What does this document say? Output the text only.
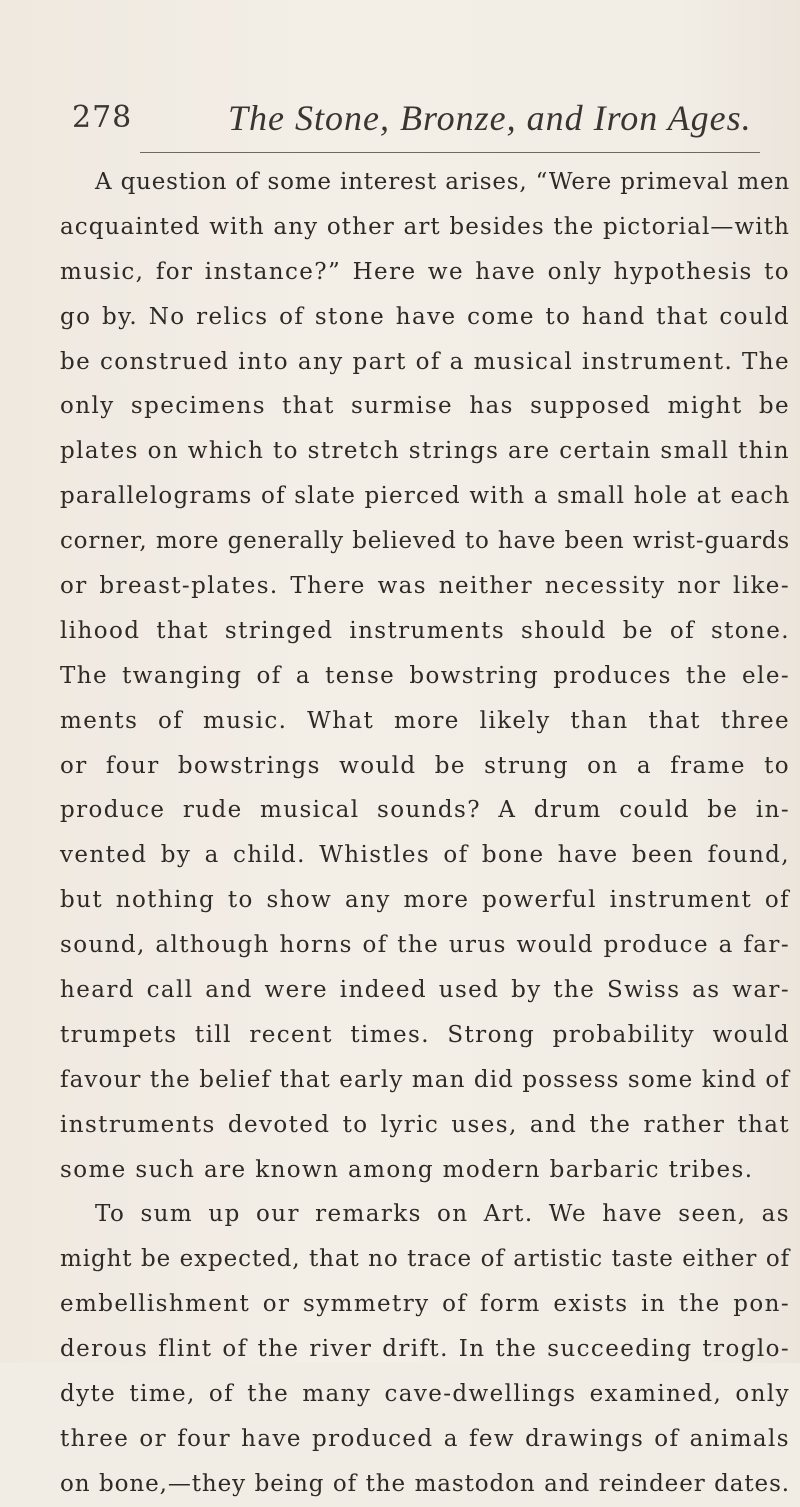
278	The Stone, Bronze, and Iron Ages.
A question of some interest arises, “Were primeval men
acquainted with any other art besides the pictorial—with
music, for instance?” Here we have only hypothesis to
go by. No relics of stone have come to hand that could
be construed into any part of a musical instrument. The
only specimens that surmise has supposed might be
plates on which to stretch strings are certain small thin
parallelograms of slate pierced with a small hole at each
corner, more generally believed to have been wrist-guards
or breast-plates. There was neither necessity nor like-
lihood that stringed instruments should be of stone.
The twanging of a tense bowstring produces the ele-
ments of music. What more likely than that three
or four bowstrings would be strung on a frame to
produce rude musical sounds? A drum could be in-
vented by a child. Whistles of bone have been found,
but nothing to show any more powerful instrument of
sound, although horns of the urus would produce a far-
heard call and were indeed used by the Swiss as war-
trumpets till recent times. Strong probability would
favour the belief that early man did possess some kind of
instruments devoted to lyric uses, and the rather that
some such are known among modern barbaric tribes.
To sum up our remarks on Art. We have seen, as
might be expected, that no trace of artistic taste either of
embellishment or symmetry of form exists in the pon-
derous flint of the river drift. In the succeeding troglo-
dyte time, of the many cave-dwellings examined, only
three or four have produced a few drawings of animals
on bone,—they being of the mastodon and reindeer dates.
